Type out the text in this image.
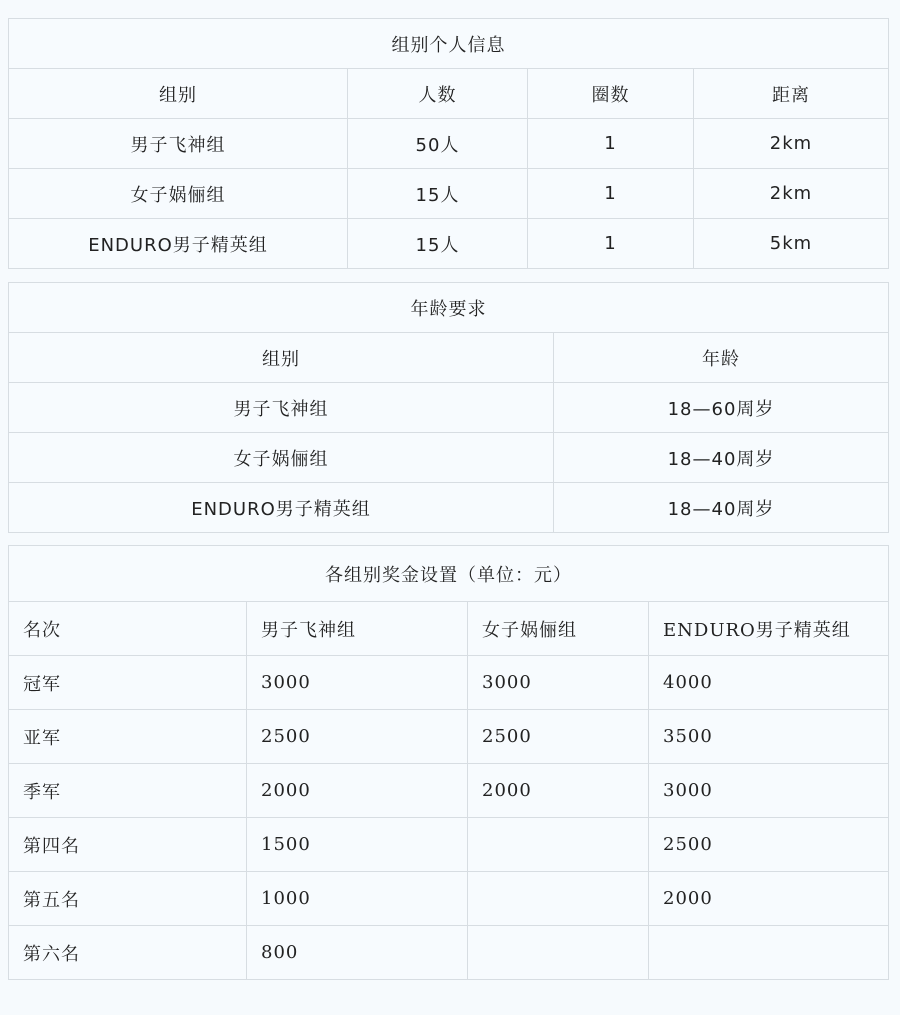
组别个人信息			
组别	人数	圈数	距离
男子飞神组	50人	1	2km
女子娲俪组	15人	1	2km
ENDURO男子精英组	15人	1	5km
年龄要求	
组别	年龄
男子飞神组	18—60周岁
女子娲俪组	18—40周岁
ENDURO男子精英组	18—40周岁
各组别奖金设置（单位：元）			
名次	男子飞神组	女子娲俪组	ENDURO男子精英组
冠军	3000	3000	4000
亚军	2500	2500	3500
季军	2000	2000	3000
第四名	1500		2500
第五名	1000		2000
第六名	800		
